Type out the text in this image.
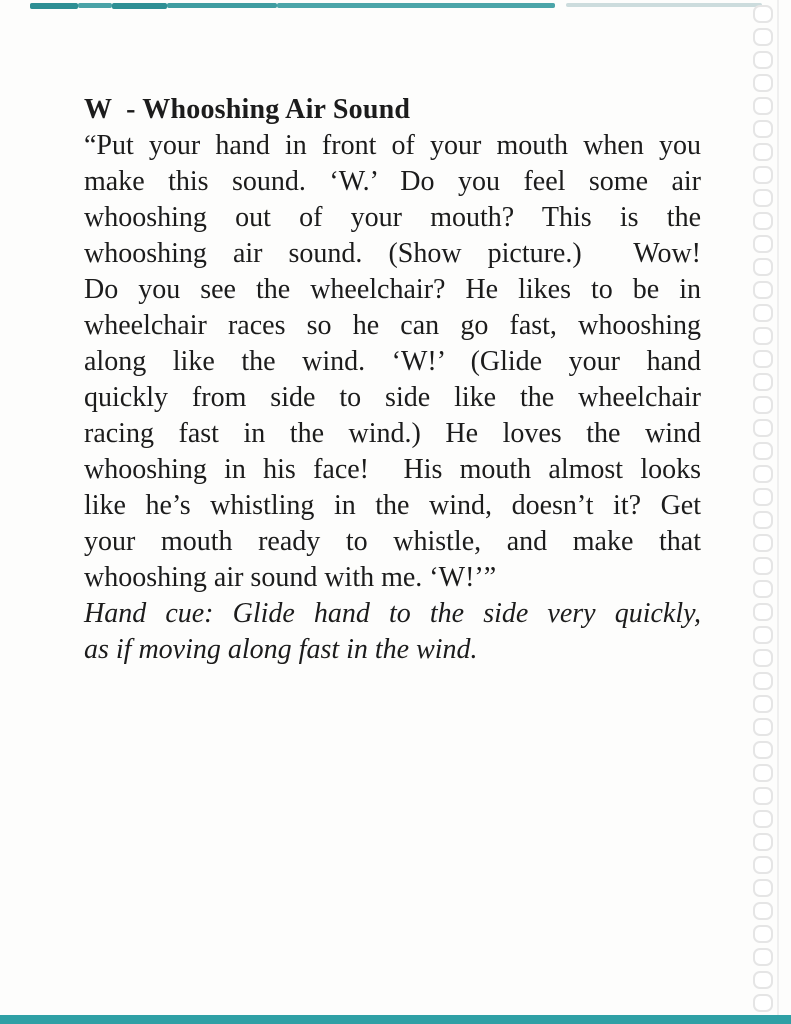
W  - Whooshing Air Sound
“Put your hand in front of your mouth when you
make this sound. ‘W.’ Do you feel some air
whooshing out of your mouth? This is the
whooshing air sound. (Show picture.)  Wow!
Do you see the wheelchair? He likes to be in
wheelchair races so he can go fast, whooshing
along like the wind. ‘W!’ (Glide your hand
quickly from side to side like the wheelchair
racing fast in the wind.) He loves the wind
whooshing in his face!  His mouth almost looks
like he’s whistling in the wind, doesn’t it? Get
your mouth ready to whistle, and make that
whooshing air sound with me. ‘W!’”
Hand cue: Glide hand to the side very quickly,
as if moving along fast in the wind.
